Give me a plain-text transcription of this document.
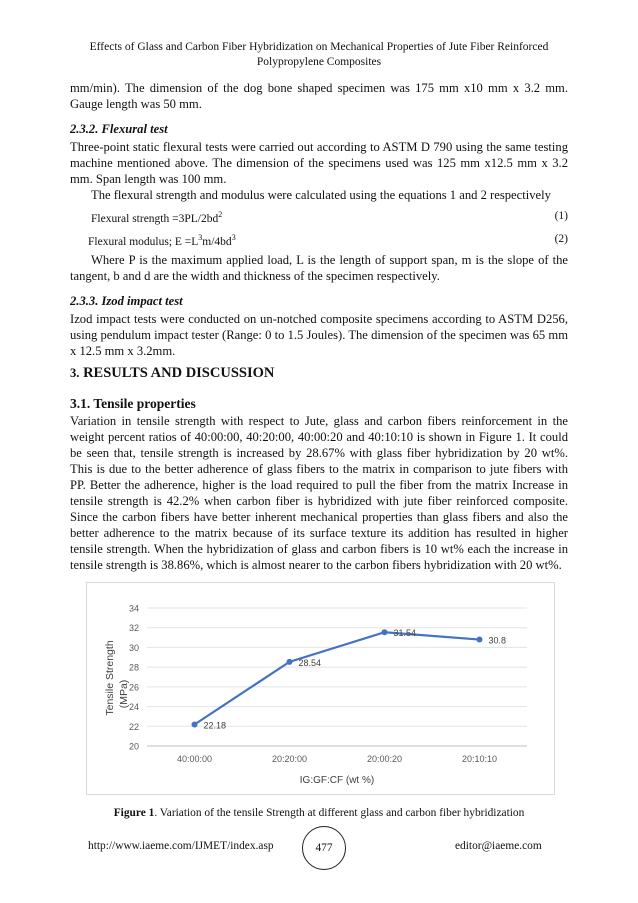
Effects of Glass and Carbon Fiber Hybridization on Mechanical Properties of Jute Fiber Reinforced
Polypropylene Composites
mm/min). The dimension of the dog bone shaped specimen was 175 mm x10 mm x 3.2 mm. Gauge length was 50 mm.
2.3.2. Flexural test
Three-point static flexural tests were carried out according to ASTM D 790 using the same testing machine mentioned above. The dimension of the specimens used was 125 mm x12.5 mm x 3.2 mm. Span length was 100 mm.
The flexural strength and modulus were calculated using the equations 1 and 2 respectively
Flexural strength $=3PL/2bd^2$	(1)
Flexural modulus; $E =L^3m/4bd^3$	(2)
Where P is the maximum applied load, L is the length of support span, m is the slope of the tangent, b and d are the width and thickness of the specimen respectively.
2.3.3. Izod impact test
Izod impact tests were conducted on un-notched composite specimens according to ASTM D256, using pendulum impact tester (Range: 0 to 1.5 Joules). The dimension of the specimen was 65 mm x 12.5 mm x 3.2mm.
3. RESULTS AND DISCUSSION
3.1. Tensile properties
Variation in tensile strength with respect to Jute, glass and carbon fibers reinforcement in the weight percent ratios of 40:00:00, 40:20:00, 40:00:20 and 40:10:10 is shown in Figure 1. It could be seen that, tensile strength is increased by 28.67% with glass fiber hybridization by 20 wt%. This is due to the better adherence of glass fibers to the matrix in comparison to jute fibers with PP. Better the adherence, higher is the load required to pull the fiber from the matrix Increase in tensile strength is 42.2% when carbon fiber is hybridized with jute fiber reinforced composite. Since the carbon fibers have better inherent mechanical properties than glass fibers and also the better adherence to the matrix because of its surface texture its addition has resulted in higher tensile strength. When the hybridization of glass and carbon fibers is 10 wt% each the increase in tensile strength is 38.86%, which is almost nearer to the carbon fibers hybridization with 20 wt%.
20
22
24
26
28
30
32
34
40:00:00	20:20:00	20:00:20	20:10:10
IG:GF:CF (wt %)
Tensile Strength (MPa)
22.18
28.54
31.54
30.8
Figure 1. Variation of the tensile Strength at different glass and carbon fiber hybridization
http://www.iaeme.com/IJMET/index.asp	477	editor@iaeme.com
